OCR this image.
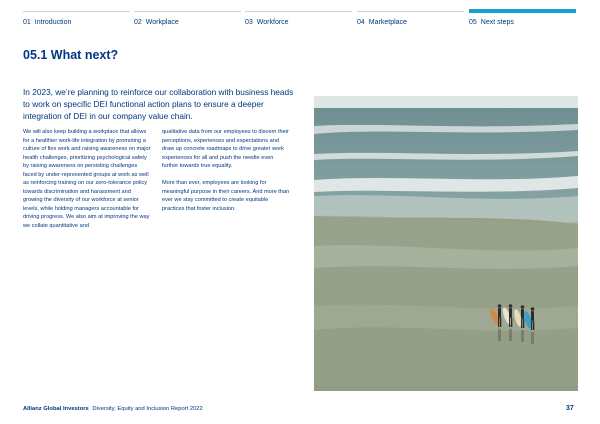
01 Introduction	02 Workplace	03 Workforce	04 Marketplace	05 Next steps
05.1 What next?

In 2023, we’re planning to reinforce our collaboration with business heads to work on specific DEI functional action plans to ensure a deeper integration of DEI in our company value chain.

We will also keep building a workplace that allows for a healthier work-life integration by promoting a culture of flex work and raising awareness on major health challenges, prioritizing psychological safety by raising awareness on persisting challenges faced by under-represented groups at work as well as reinforcing training on our zero-tolerance policy towards discrimination and harassment and growing the diversity of our workforce at senior levels, while holding managers accountable for driving progress. We also aim at improving the way we collate quantitative and

qualitative data from our employees to discern their perceptions, experiences and expectations and draw up concrete roadmaps to drive greater work experiences for all and push the needle even further towards true equality.

More than ever, employees are looking for meaningful purpose in their careers. And more than ever we stay committed to create equitable practices that foster inclusion.

Allianz Global Investors Diversity, Equity and Inclusion Report 2022	37
